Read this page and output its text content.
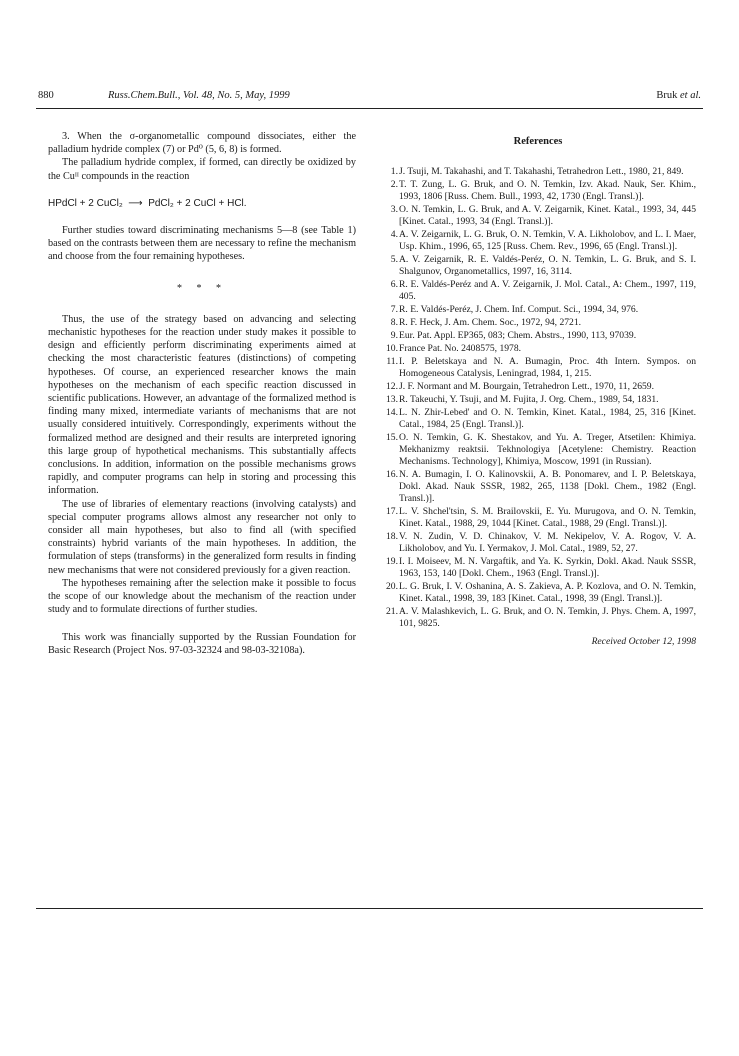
880	Russ.Chem.Bull., Vol. 48, No. 5, May, 1999	Bruk et al.

3. When the σ-organometallic compound dissociates, either the palladium hydride complex (7) or Pd⁰ (5, 6, 8) is formed.

The palladium hydride complex, if formed, can directly be oxidized by the Cuᴵᴵ compounds in the reaction

HPdCl + 2 CuCl₂  ⟶  PdCl₂ + 2 CuCl + HCl.

Further studies toward discriminating mechanisms 5—8 (see Table 1) based on the contrasts between them are necessary to refine the mechanism and choose from the four remaining hypotheses.

* * *

Thus, the use of the strategy based on advancing and selecting mechanistic hypotheses for the reaction under study makes it possible to design and efficiently perform discriminating experiments aimed at checking the most characteristic features (distinctions) of competing hypotheses. Of course, an experienced researcher knows the main hypotheses on the mechanism of each specific reaction discussed in scientific publications. However, an advantage of the formalized method is finding many mixed, intermediate variants of mechanisms that are not usually considered intuitively. Correspondingly, experiments without the formalized method are designed and their results are interpreted ignoring this large group of hypothetical mechanisms. This substantially affects conclusions. In addition, information on the possible mechanisms grows rapidly, and computer programs can help in storing and processing this information.

The use of libraries of elementary reactions (involving catalysts) and special computer programs allows almost any researcher not only to consider all main hypotheses, but also to find all (with specified constraints) hybrid variants of the main hypotheses. In addition, the formulation of steps (transforms) in the generalized form results in finding new mechanisms that were not considered previously for a given reaction.

The hypotheses remaining after the selection make it possible to focus the scope of our knowledge about the mechanism of the reaction under study and to formulate directions of further studies.

This work was financially supported by the Russian Foundation for Basic Research (Project Nos. 97-03-32324 and 98-03-32108a).

References
1. J. Tsuji, M. Takahashi, and T. Takahashi, Tetrahedron Lett., 1980, 21, 849.
2. T. T. Zung, L. G. Bruk, and O. N. Temkin, Izv. Akad. Nauk, Ser. Khim., 1993, 1806 [Russ. Chem. Bull., 1993, 42, 1730 (Engl. Transl.)].
3. O. N. Temkin, L. G. Bruk, and A. V. Zeigarnik, Kinet. Katal., 1993, 34, 445 [Kinet. Catal., 1993, 34 (Engl. Transl.)].
4. A. V. Zeigarnik, L. G. Bruk, O. N. Temkin, V. A. Likholobov, and L. I. Maer, Usp. Khim., 1996, 65, 125 [Russ. Chem. Rev., 1996, 65 (Engl. Transl.)].
5. A. V. Zeigarnik, R. E. Valdés-Peréz, O. N. Temkin, L. G. Bruk, and S. I. Shalgunov, Organometallics, 1997, 16, 3114.
6. R. E. Valdés-Peréz and A. V. Zeigarnik, J. Mol. Catal., A: Chem., 1997, 119, 405.
7. R. E. Valdés-Peréz, J. Chem. Inf. Comput. Sci., 1994, 34, 976.
8. R. F. Heck, J. Am. Chem. Soc., 1972, 94, 2721.
9. Eur. Pat. Appl. EP365, 083; Chem. Abstrs., 1990, 113, 97039.
10. France Pat. No. 2408575, 1978.
11. I. P. Beletskaya and N. A. Bumagin, Proc. 4th Intern. Sympos. on Homogeneous Catalysis, Leningrad, 1984, 1, 215.
12. J. F. Normant and M. Bourgain, Tetrahedron Lett., 1970, 11, 2659.
13. R. Takeuchi, Y. Tsuji, and M. Fujita, J. Org. Chem., 1989, 54, 1831.
14. L. N. Zhir-Lebed' and O. N. Temkin, Kinet. Katal., 1984, 25, 316 [Kinet. Catal., 1984, 25 (Engl. Transl.)].
15. O. N. Temkin, G. K. Shestakov, and Yu. A. Treger, Atsetilen: Khimiya. Mekhanizmy reaktsii. Tekhnologiya [Acetylene: Chemistry. Reaction Mechanisms. Technology], Khimiya, Moscow, 1991 (in Russian).
16. N. A. Bumagin, I. O. Kalinovskii, A. B. Ponomarev, and I. P. Beletskaya, Dokl. Akad. Nauk SSSR, 1982, 265, 1138 [Dokl. Chem., 1982 (Engl. Transl.)].
17. L. V. Shchel'tsin, S. M. Brailovskii, E. Yu. Murugova, and O. N. Temkin, Kinet. Katal., 1988, 29, 1044 [Kinet. Catal., 1988, 29 (Engl. Transl.)].
18. V. N. Zudin, V. D. Chinakov, V. M. Nekipelov, V. A. Rogov, V. A. Likholobov, and Yu. I. Yermakov, J. Mol. Catal., 1989, 52, 27.
19. I. I. Moiseev, M. N. Vargaftik, and Ya. K. Syrkin, Dokl. Akad. Nauk SSSR, 1963, 153, 140 [Dokl. Chem., 1963 (Engl. Transl.)].
20. L. G. Bruk, I. V. Oshanina, A. S. Zakieva, A. P. Kozlova, and O. N. Temkin, Kinet. Katal., 1998, 39, 183 [Kinet. Catal., 1998, 39 (Engl. Transl.)].
21. A. V. Malashkevich, L. G. Bruk, and O. N. Temkin, J. Phys. Chem. A, 1997, 101, 9825.
Received October 12, 1998
